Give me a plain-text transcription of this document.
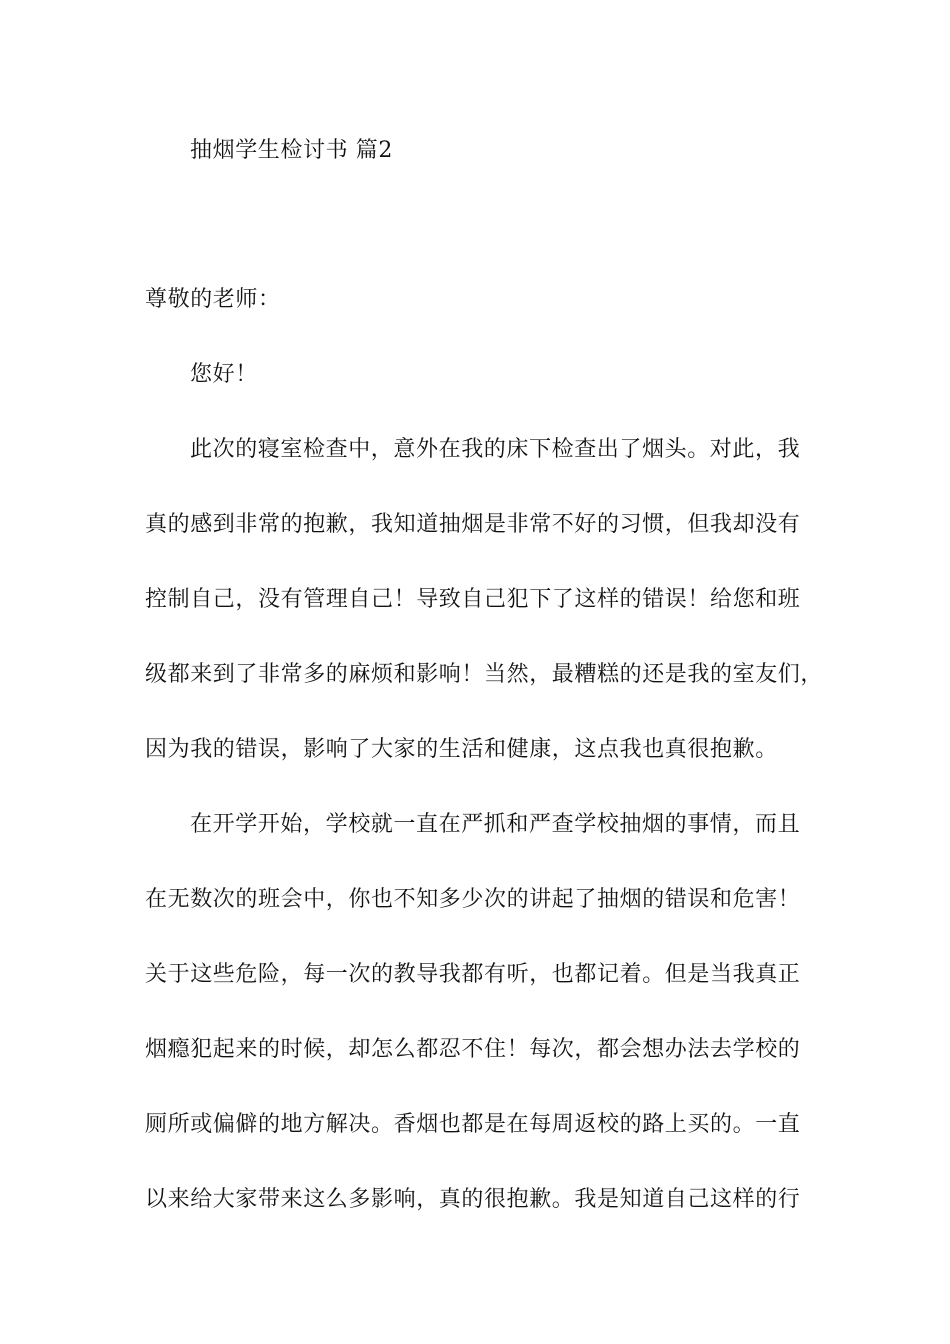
抽烟学生检讨书 篇2
尊敬的老师：
您好！
此次的寝室检查中，意外在我的床下检查出了烟头。对此，我
真的感到非常的抱歉，我知道抽烟是非常不好的习惯，但我却没有
控制自己，没有管理自己！导致自己犯下了这样的错误！给您和班
级都来到了非常多的麻烦和影响！当然，最糟糕的还是我的室友们，
因为我的错误，影响了大家的生活和健康，这点我也真很抱歉。
在开学开始，学校就一直在严抓和严查学校抽烟的事情，而且
在无数次的班会中，你也不知多少次的讲起了抽烟的错误和危害！
关于这些危险，每一次的教导我都有听，也都记着。但是当我真正
烟瘾犯起来的时候，却怎么都忍不住！每次，都会想办法去学校的
厕所或偏僻的地方解决。香烟也都是在每周返校的路上买的。一直
以来给大家带来这么多影响，真的很抱歉。我是知道自己这样的行
